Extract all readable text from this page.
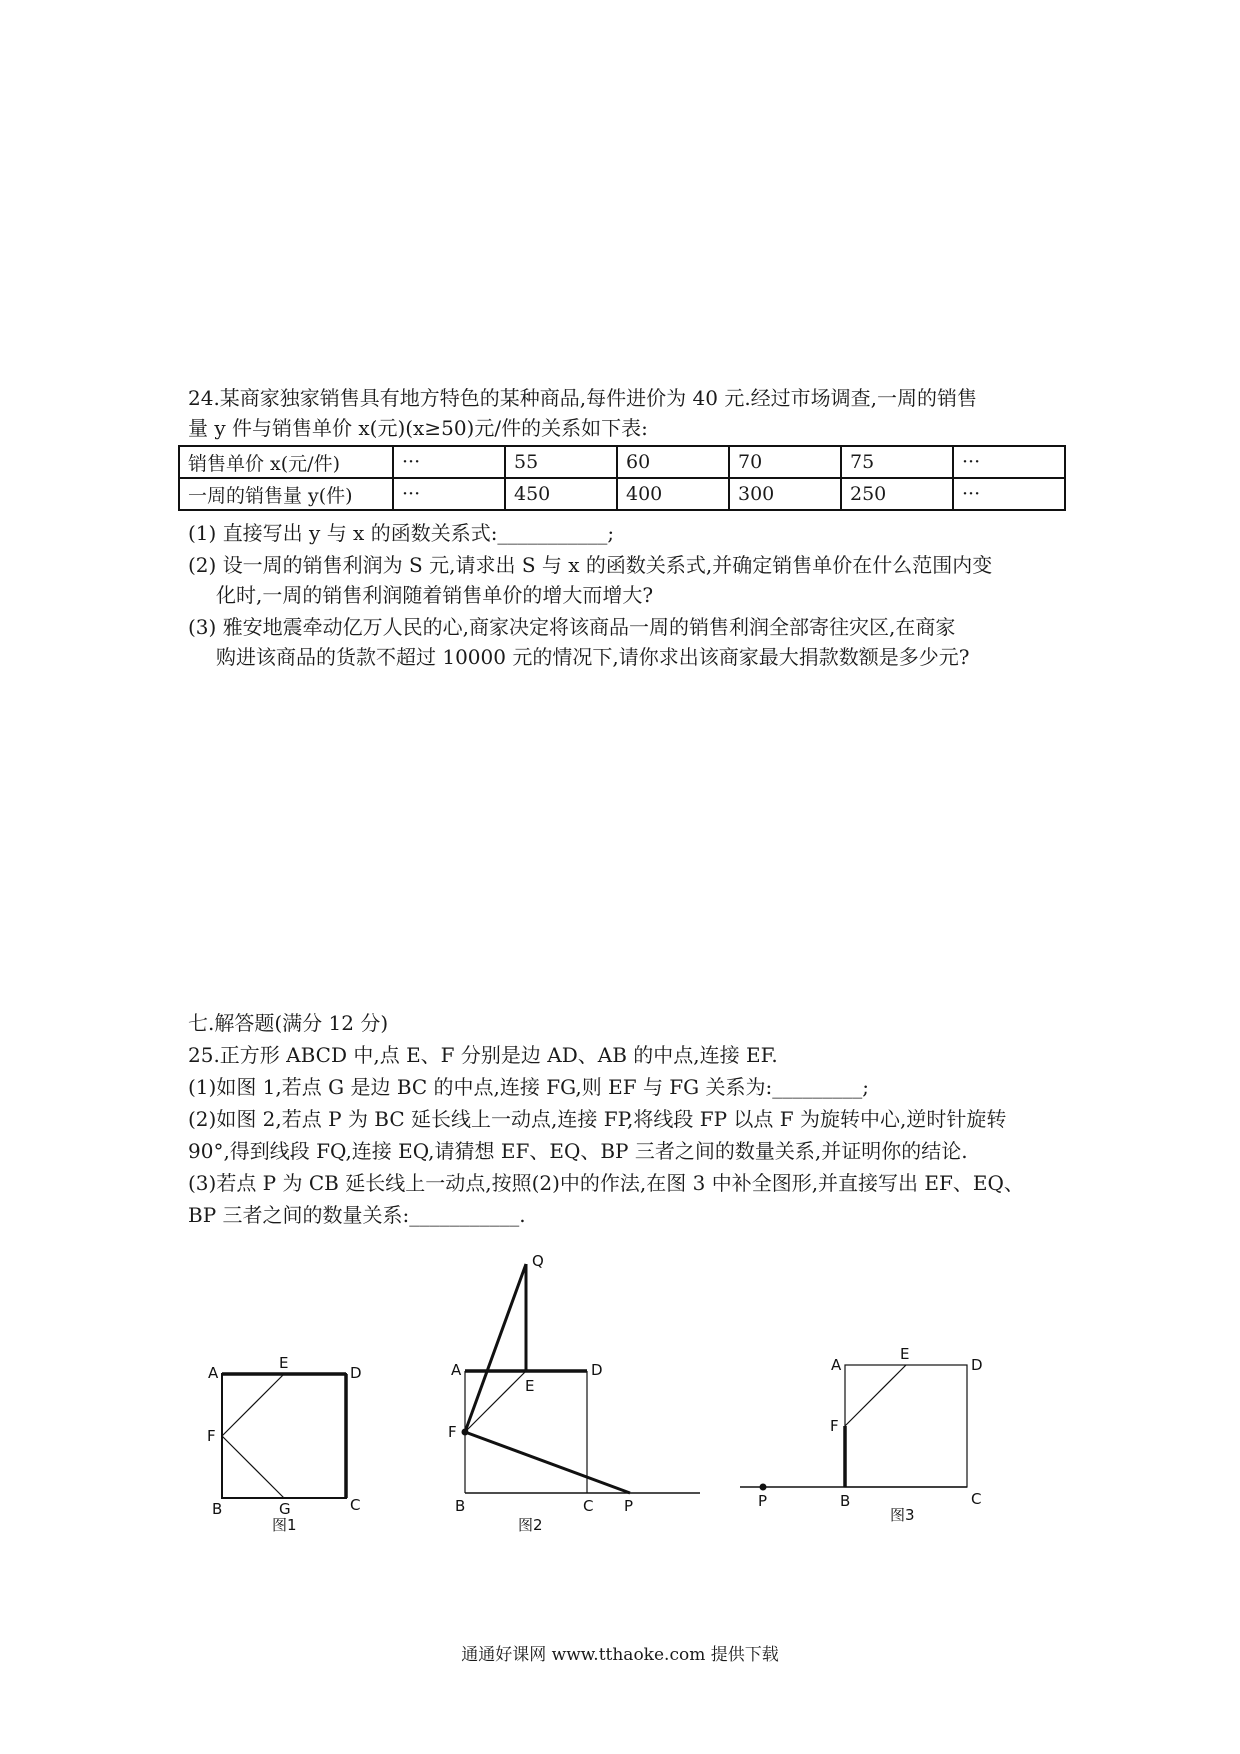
24.某商家独家销售具有地方特色的某种商品,每件进价为 40 元.经过市场调查,一周的销售
量 y 件与销售单价 x(元)(x≥50)元/件的关系如下表:
销售单价 x(元/件)	···	55	60	70	75	···
一周的销售量 y(件)	···	450	400	300	250	···
(1) 直接写出 y 与 x 的函数关系式:___________;
(2) 设一周的销售利润为 S 元,请求出 S 与 x 的函数关系式,并确定销售单价在什么范围内变
化时,一周的销售利润随着销售单价的增大而增大?
(3) 雅安地震牵动亿万人民的心,商家决定将该商品一周的销售利润全部寄往灾区,在商家
购进该商品的货款不超过 10000 元的情况下,请你求出该商家最大捐款数额是多少元?
七.解答题(满分 12 分)
25.正方形 ABCD 中,点 E、F 分别是边 AD、AB 的中点,连接 EF.
(1)如图 1,若点 G 是边 BC 的中点,连接 FG,则 EF 与 FG 关系为:_________;
(2)如图 2,若点 P 为 BC 延长线上一动点,连接 FP,将线段 FP 以点 F 为旋转中心,逆时针旋转
90°,得到线段 FQ,连接 EQ,请猜想 EF、EQ、BP 三者之间的数量关系,并证明你的结论.
(3)若点 P 为 CB 延长线上一动点,按照(2)中的作法,在图 3 中补全图形,并直接写出 EF、EQ、
BP 三者之间的数量关系:___________.
A
E
D
F
B	G	C
图1
Q
A	D
E
F
B	C P
图2
A
E
D
F
P	B	C
图3
通通好课网 www.tthaoke.com 提供下载
